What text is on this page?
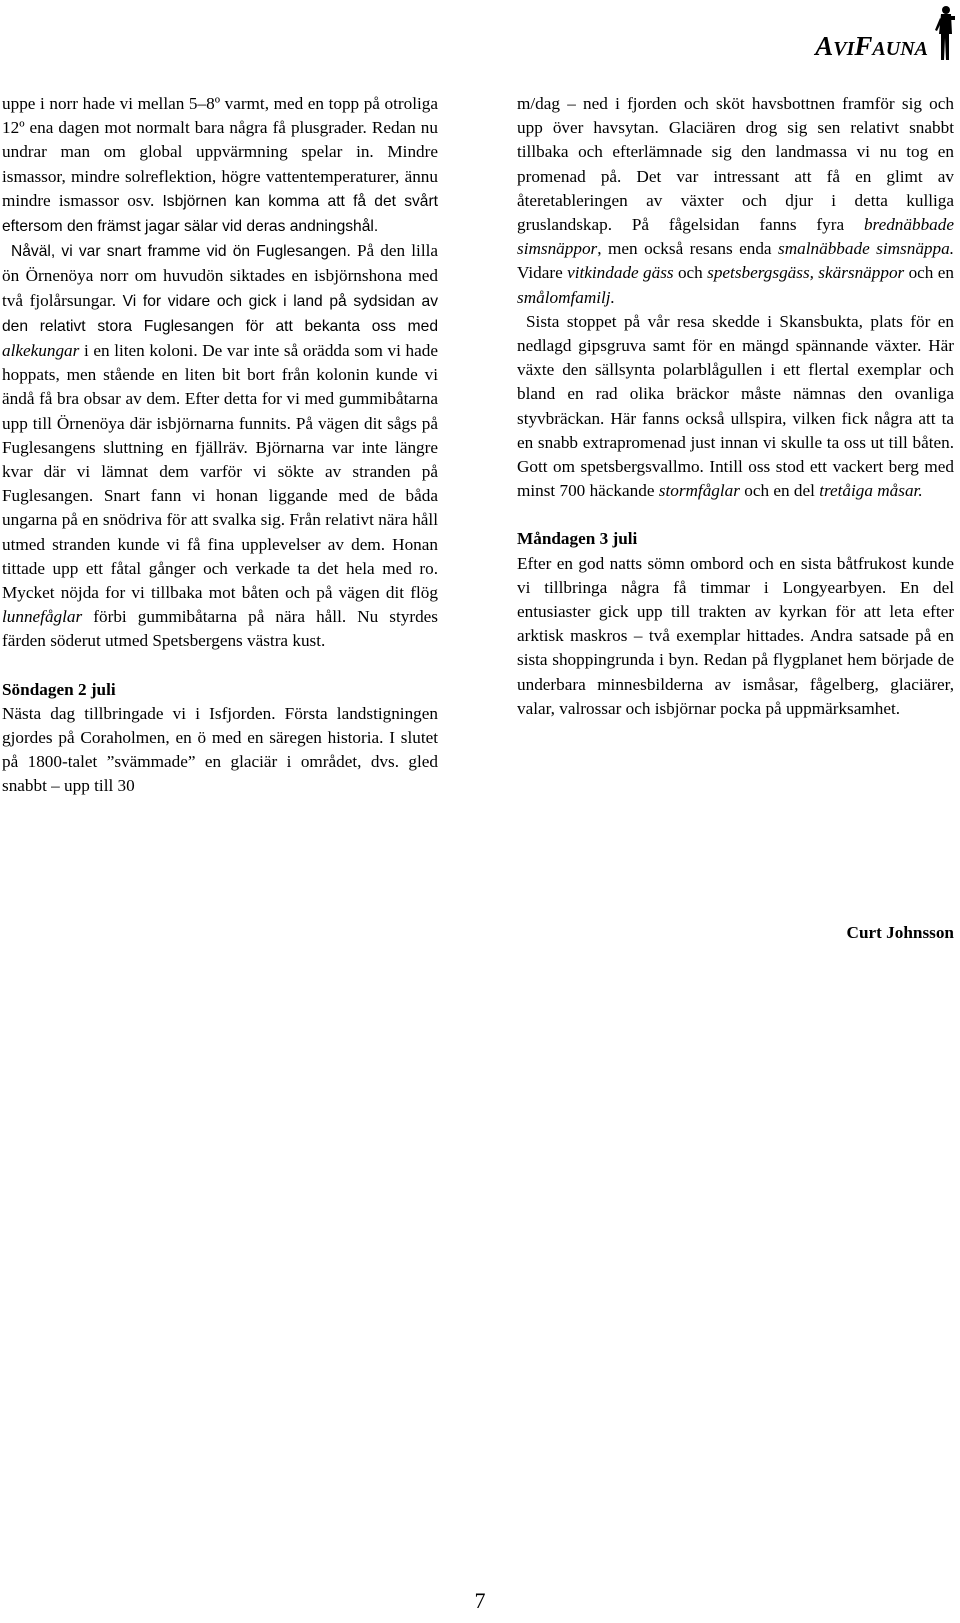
AVIFAUNA

uppe i norr hade vi mellan 5–8º varmt, med en topp på otroliga 12º ena dagen mot normalt bara några få plusgrader. Redan nu undrar man om global uppvärmning spelar in. Mindre ismassor, mindre solreflektion, högre vattentemperaturer, ännu mindre ismassor osv. Isbjörnen kan komma att få det svårt eftersom den främst jagar sälar vid deras andningshål.

Nåväl, vi var snart framme vid ön Fuglesangen. På den lilla ön Örnenöya norr om huvudön siktades en isbjörnshona med två fjolårsungar. Vi for vidare och gick i land på sydsidan av den relativt stora Fuglesangen för att bekanta oss med alkekungar i en liten koloni. De var inte så orädda som vi hade hoppats, men stående en liten bit bort från kolonin kunde vi ändå få bra obsar av dem. Efter detta for vi med gummibåtarna upp till Örnenöya där isbjörnarna funnits. På vägen dit sågs på Fuglesangens sluttning en fjällräv. Björnarna var inte längre kvar där vi lämnat dem varför vi sökte av stranden på Fuglesangen. Snart fann vi honan liggande med de båda ungarna på en snödriva för att svalka sig. Från relativt nära håll utmed stranden kunde vi få fina upplevelser av dem. Honan tittade upp ett fåtal gånger och verkade ta det hela med ro. Mycket nöjda for vi tillbaka mot båten och på vägen dit flög lunnefåglar förbi gummibåtarna på nära håll. Nu styrdes färden söderut utmed Spetsbergens västra kust.

Söndagen 2 juli

Nästa dag tillbringade vi i Isfjorden. Första landstigningen gjordes på Coraholmen, en ö med en säregen historia. I slutet på 1800-talet ”svämmade” en glaciär i området, dvs. gled snabbt – upp till 30

m/dag – ned i fjorden och sköt havsbottnen framför sig och upp över havsytan. Glaciären drog sig sen relativt snabbt tillbaka och efterlämnade sig den landmassa vi nu tog en promenad på. Det var intressant att få en glimt av återetableringen av växter och djur i detta kulliga gruslandskap. På fågelsidan fanns fyra brednäbbade simsnäppor, men också resans enda smalnäbbade simsnäppa. Vidare vitkindade gäss och spetsbergsgäss, skärsnäppor och en smålomfamilj.

Sista stoppet på vår resa skedde i Skansbukta, plats för en nedlagd gipsgruva samt för en mängd spännande växter. Här växte den sällsynta polarblågullen i ett flertal exemplar och bland en rad olika bräckor måste nämnas den ovanliga styvbräckan. Här fanns också ullspira, vilken fick några att ta en snabb extrapromenad just innan vi skulle ta oss ut till båten. Gott om spetsbergsvallmo. Intill oss stod ett vackert berg med minst 700 häckande stormfåglar och en del tretåiga måsar.

Måndagen 3 juli

Efter en god natts sömn ombord och en sista båtfrukost kunde vi tillbringa några få timmar i Longyearbyen. En del entusiaster gick upp till trakten av kyrkan för att leta efter arktisk maskros – två exemplar hittades. Andra satsade på en sista shoppingrunda i byn. Redan på flygplanet hem började de underbara minnesbilderna av ismåsar, fågelberg, glaciärer, valar, valrossar och isbjörnar pocka på uppmärksamhet.

Curt Johnsson
7
